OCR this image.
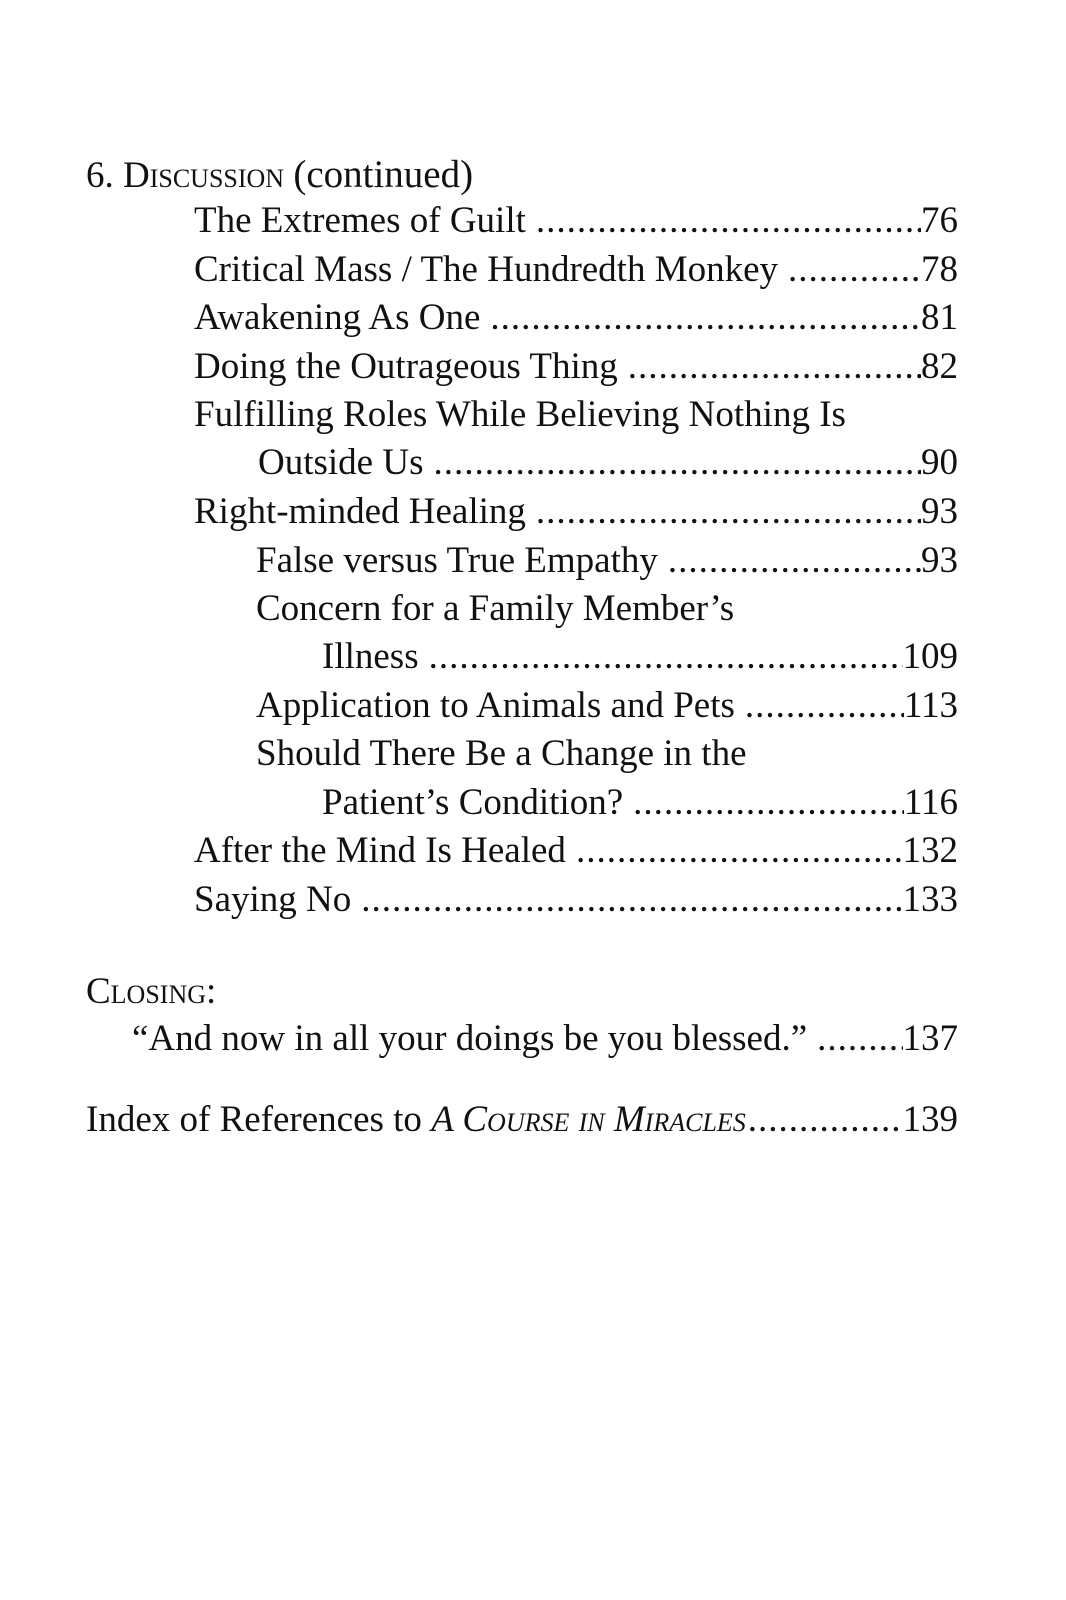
6. Discussion (continued)
The Extremes of Guilt .....	76
Critical Mass / The Hundredth Monkey .....	78
Awakening As One .....	81
Doing the Outrageous Thing .....	82
Fulfilling Roles While Believing Nothing Is
Outside Us .....	90
Right-minded Healing .....	93
False versus True Empathy .....	93
Concern for a Family Member’s
Illness .....	109
Application to Animals and Pets .....	113
Should There Be a Change in the
Patient’s Condition? .....	116
After the Mind Is Healed .....	132
Saying No .....	133
Closing:
“And now in all your doings be you blessed.” .....	137
Index of References to A Course in Miracles .....	139
